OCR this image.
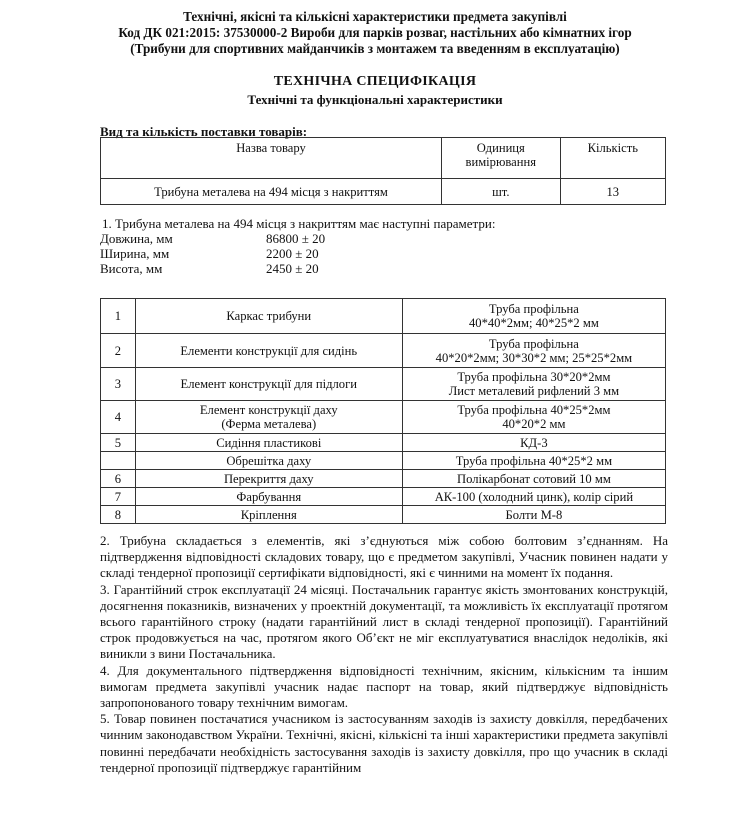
Технічні, якісні та кількісні характеристики предмета закупівлі
Код ДК 021:2015: 37530000-2 Вироби для парків розваг, настільних або кімнатних ігор
(Трибуни для спортивних майданчиків з монтажем та введенням в експлуатацію)
ТЕХНІЧНА СПЕЦИФІКАЦІЯ
Технічні та функціональні характеристики
Вид та кількість поставки товарів:
Назва товару	Одиниця вимірювання	Кількість
Трибуна металева на 494 місця з накриттям	шт.	13
1. Трибуна металева на 494 місця з накриттям має наступні параметри:
Довжина, мм	86800 ± 20
Ширина, мм	2200 ± 20
Висота, мм	2450 ± 20
1	Каркас трибуни	Труба профільна
40*40*2мм; 40*25*2 мм
2	Елементи конструкції для сидінь	Труба профільна
40*20*2мм; 30*30*2 мм; 25*25*2мм
3	Елемент конструкції для підлоги	Труба профільна 30*20*2мм
Лист металевий рифлений 3 мм
4	Елемент конструкції даху
(Ферма металева)	Труба профільна 40*25*2мм
40*20*2 мм
5	Сидіння пластикові	КД-3
	Обрешітка даху	Труба профільна 40*25*2 мм
6	Перекриття даху	Полікарбонат сотовий 10 мм
7	Фарбування	АК-100 (холодний цинк), колір сірий
8	Кріплення	Болти М-8

2. Трибуна складається з елементів, які з’єднуються між собою болтовим з’єднанням. На підтвердження відповідності складових товару, що є предметом закупівлі, Учасник повинен надати у складі тендерної пропозиції сертифікати відповідності, які є чинними на момент їх подання.

3. Гарантійний строк експлуатації 24 місяці. Постачальник гарантує якість змонтованих конструкцій, досягнення показників, визначених у проектній документації, та можливість їх експлуатації протягом всього гарантійного строку (надати гарантійний лист в складі тендерної пропозиції). Гарантійний строк продовжується на час, протягом якого Об’єкт не міг експлуатуватися внаслідок недоліків, які виникли з вини Постачальника.

4. Для документального підтвердження відповідності технічним, якісним, кількісним та іншим вимогам предмета закупівлі учасник надає паспорт на товар, який підтверджує відповідність запропонованого товару технічним вимогам.

5. Товар повинен постачатися учасником із застосуванням заходів із захисту довкілля, передбачених чинним законодавством України. Технічні, якісні, кількісні та інші характеристики предмета закупівлі повинні передбачати необхідність застосування заходів із захисту довкілля, про що учасник в складі тендерної пропозиції підтверджує гарантійним
